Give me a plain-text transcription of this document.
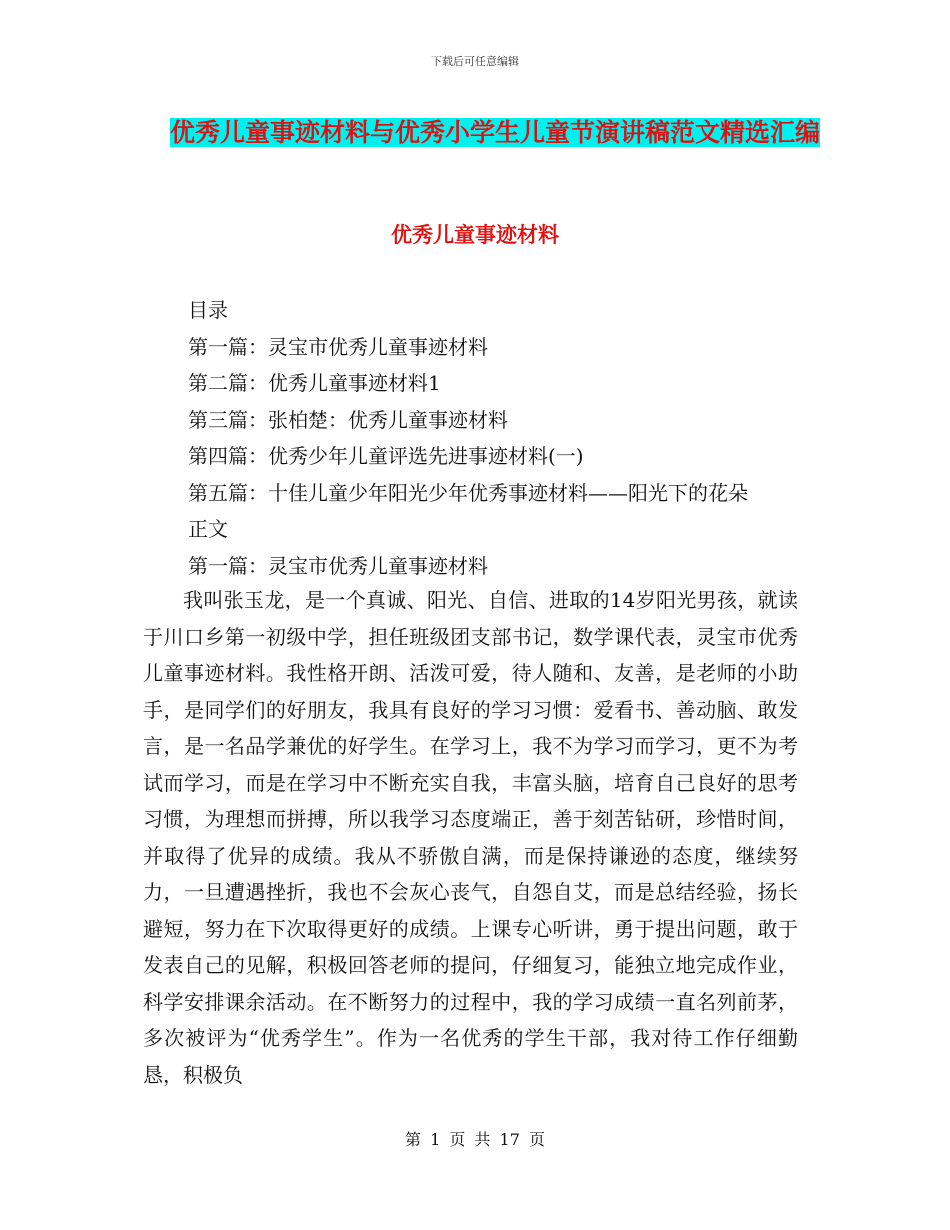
下载后可任意编辑
优秀儿童事迹材料与优秀小学生儿童节演讲稿范文精选汇编
优秀儿童事迹材料
目录
第一篇：灵宝市优秀儿童事迹材料
第二篇：优秀儿童事迹材料1
第三篇：张柏楚：优秀儿童事迹材料
第四篇：优秀少年儿童评选先进事迹材料(一)
第五篇：十佳儿童少年阳光少年优秀事迹材料——阳光下的花朵
正文
第一篇：灵宝市优秀儿童事迹材料
我叫张玉龙，是一个真诚、阳光、自信、进取的14岁阳光男孩，就读于川口乡第一初级中学，担任班级团支部书记，数学课代表，灵宝市优秀儿童事迹材料。我性格开朗、活泼可爱，待人随和、友善，是老师的小助手，是同学们的好朋友，我具有良好的学习习惯：爱看书、善动脑、敢发言，是一名品学兼优的好学生。在学习上，我不为学习而学习，更不为考试而学习，而是在学习中不断充实自我，丰富头脑，培育自己良好的思考习惯，为理想而拼搏，所以我学习态度端正，善于刻苦钻研，珍惜时间，并取得了优异的成绩。我从不骄傲自满，而是保持谦逊的态度，继续努力，一旦遭遇挫折，我也不会灰心丧气，自怨自艾，而是总结经验，扬长避短，努力在下次取得更好的成绩。上课专心听讲，勇于提出问题，敢于发表自己的见解，积极回答老师的提问，仔细复习，能独立地完成作业，科学安排课余活动。在不断努力的过程中，我的学习成绩一直名列前茅，多次被评为“优秀学生”。作为一名优秀的学生干部，我对待工作仔细勤恳，积极负
第 1 页 共 17 页
